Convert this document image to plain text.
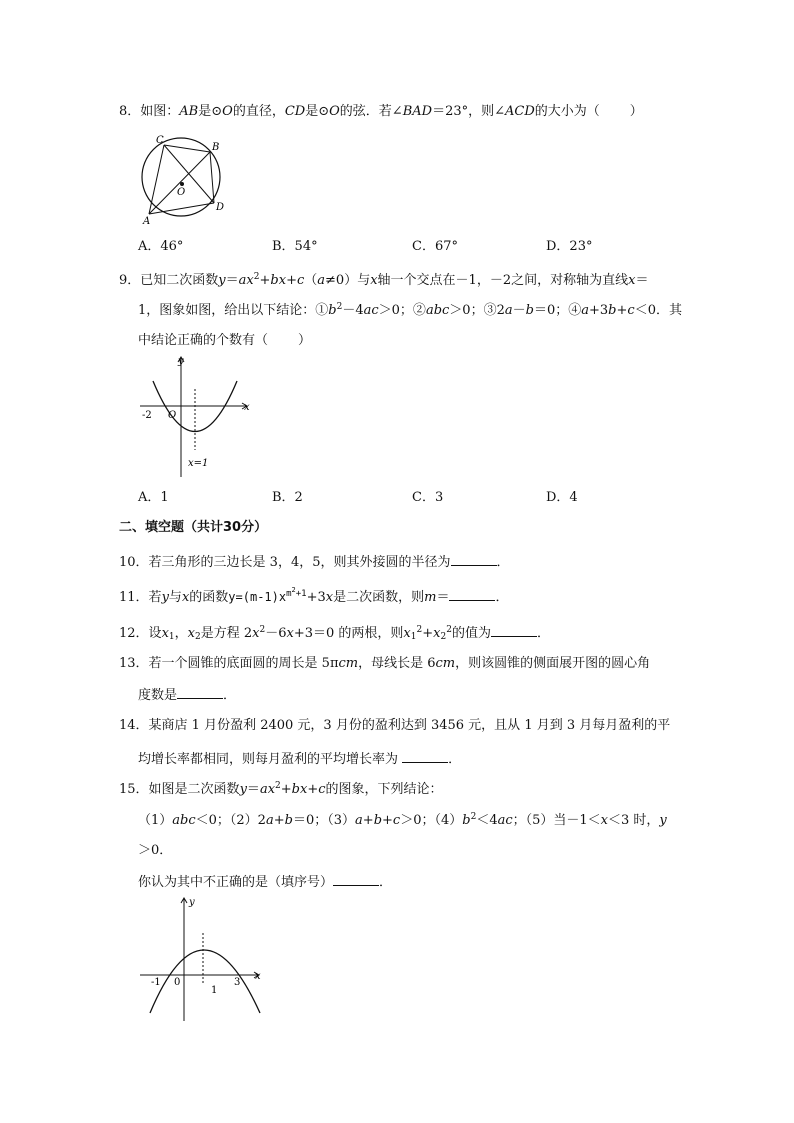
8．如图：AB是⊙O的直径，CD是⊙O的弦．若∠BAD＝23°，则∠ACD的大小为（ ）
C
B
O
A
D
A．46°	B．54°	C．67°	D．23°
9．已知二次函数$y=ax^2+bx+c(a\ne 0)$与x轴一个交点在－1，－2之间，对称轴为直线x＝
1，图象如图，给出以下结论：$①b^2-4ac>0$；②abc＞0；③2a－b＝0；④a+3b+c＜0．其
中结论正确的个数有（ ）
y
x
-2 O
x=1
A．1	B．2	C．3	D．4
二、填空题（共计30分）
10．若三角形的三边长是 3，4，5，则其外接圆的半径为	．
11．若y与x的函数$y=(m-1)x^{m^2+1}+3x$是二次函数，则m＝	．
12．设$x_1$，$x_2$是方程 $2x^2-6x+3=0$ 的两根，则$x_1^2+x_2^2$的值为	．
13．若一个圆锥的底面圆的周长是 5πcm，母线长是 6cm，则该圆锥的侧面展开图的圆心角
度数是	．
14．某商店 1 月份盈利 2400 元，3 月份的盈利达到 3456 元，且从 1 月到 3 月每月盈利的平
均增长率都相同，则每月盈利的平均增长率为	．
15．如图是二次函数$y=ax^2+bx+c$的图象，下列结论：
（1）abc＜0；（2）2a+b＝0；（3）a+b+c＞0；$(4)b^2<4ac$；（5）当－1＜x＜3 时，y
＞0．
你认为其中不正确的是（填序号）	．
y
x
-1 0	3
1
